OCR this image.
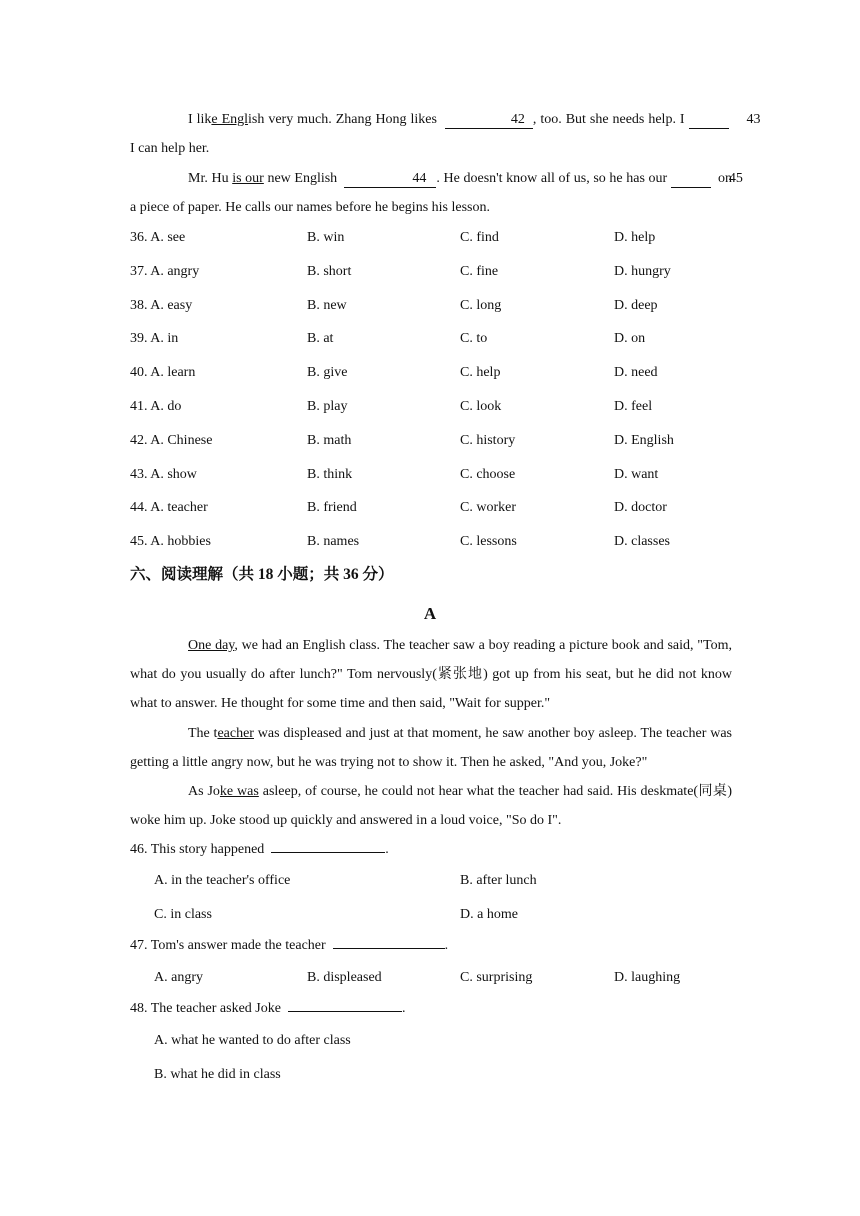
I like English very much. Zhang Hong likes	42 , too. But she needs help. I	43  I can help her.
Mr. Hu is our new English	44 . He doesn't know all of us, so he has our	45  on a piece of paper. He calls our names before he begins his lesson.
36. A. see	B. win	C. find	D. help
37. A. angry	B. short	C. fine	D. hungry
38. A. easy	B. new	C. long	D. deep
39. A. in	B. at	C. to	D. on
40. A. learn	B. give	C. help	D. need
41. A. do	B. play	C. look	D. feel
42. A. Chinese	B. math	C. history	D. English
43. A. show	B. think	C. choose	D. want
44. A. teacher	B. friend	C. worker	D. doctor
45. A. hobbies	B. names	C. lessons	D. classes
六、阅读理解（共 18 小题；共 36 分）
A
One day, we had an English class. The teacher saw a boy reading a picture book and said, "Tom, what do you usually do after lunch?" Tom nervously(紧张地) got up from his seat, but he did not know what to answer. He thought for some time and then said, "Wait for supper."
The teacher was displeased and just at that moment, he saw another boy asleep. The teacher was getting a little angry now, but he was trying not to show it. Then he asked, "And you, Joke?"
As Joke was asleep, of course, he could not hear what the teacher had said. His deskmate(同桌) woke him up. Joke stood up quickly and answered in a loud voice, "So do I".
46. This story happened	.
A. in the teacher's office	B. after lunch
C. in class	D. a home
47. Tom's answer made the teacher	.
A. angry	B. displeased	C. surprising	D. laughing
48. The teacher asked Joke	.
A. what he wanted to do after class
B. what he did in class
